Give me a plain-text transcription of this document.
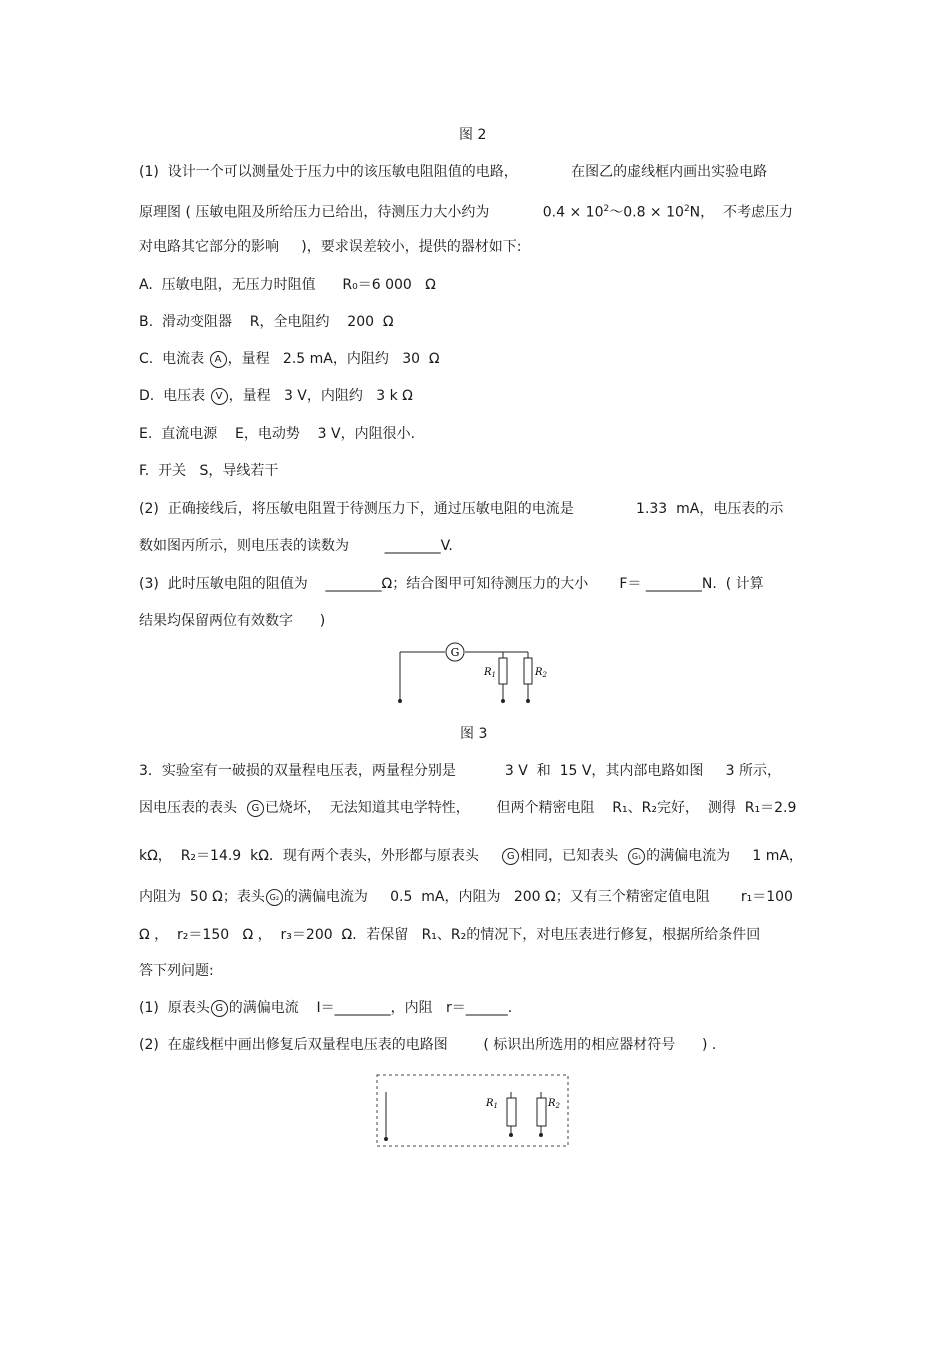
图 2
(1)  设计一个可以测量处于压力中的该压敏电阻阻值的电路，            在图乙的虚线框内画出实验电路
原理图 ( 压敏电阻及所给压力已给出，待测压力大小约为            $0.4 \times 10^2\sim 0.8 \times 10^2N$，  不考虑压力
对电路其它部分的影响     )，要求误差较小，提供的器材如下:
A.  压敏电阻，无压力时阻值      R₀＝6 000   Ω
B.  滑动变阻器    R，全电阻约    200  Ω
C.  电流表 A ，量程   2.5 mA，内阻约   30  Ω
D.  电压表 V ，量程   3 V，内阻约   3 k Ω
E.  直流电源    E，电动势    3 V，内阻很小.
F.  开关   S，导线若干
(2)  正确接线后，将压敏电阻置于待测压力下，通过压敏电阻的电流是              1.33  mA，电压表的示
数如图丙所示，则电压表的读数为        ________V.
(3)  此时压敏电阻的阻值为    ________Ω；结合图甲可知待测压力的大小       F＝ ________N.  ( 计算
结果均保留两位有效数字      )
G
$R_1$	$R_2$
图 3
3．实验室有一破损的双量程电压表，两量程分别是           3 V  和  15 V，其内部电路如图     3 所示，
因电压表的表头  G 已烧坏，  无法知道其电学特性，      但两个精密电阻    R₁、R₂完好，  测得  R₁＝2.9
kΩ，  R₂＝14.9  kΩ．现有两个表头，外形都与原表头     G 相同，已知表头  G₁ 的满偏电流为     1 mA，
内阻为  50 Ω；表头 G₂ 的满偏电流为     0.5  mA，内阻为   200 Ω；又有三个精密定值电阻       r₁＝100
Ω ，  r₂＝150   Ω ，  r₃＝200  Ω．若保留   R₁、R₂的情况下，对电压表进行修复，根据所给条件回
答下列问题:
(1)  原表头 G 的满偏电流    I＝________，内阻   r＝______.
(2)  在虚线框中画出修复后双量程电压表的电路图        ( 标识出所选用的相应器材符号      ) .
$R_1$	$R_2$
